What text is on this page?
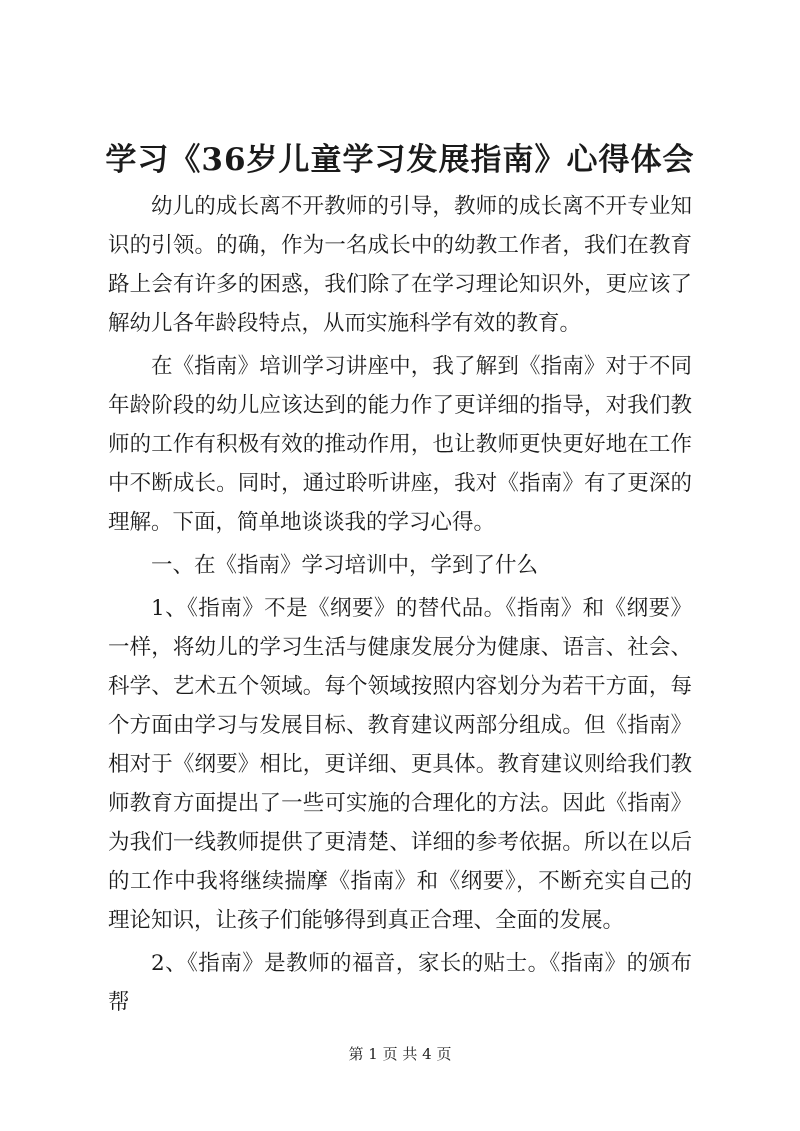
学习《36岁儿童学习发展指南》心得体会

幼儿的成长离不开教师的引导，教师的成长离不开专业知识的引领。的确，作为一名成长中的幼教工作者，我们在教育路上会有许多的困惑，我们除了在学习理论知识外，更应该了解幼儿各年龄段特点，从而实施科学有效的教育。

在《指南》培训学习讲座中，我了解到《指南》对于不同年龄阶段的幼儿应该达到的能力作了更详细的指导，对我们教师的工作有积极有效的推动作用，也让教师更快更好地在工作中不断成长。同时，通过聆听讲座，我对《指南》有了更深的理解。下面，简单地谈谈我的学习心得。

一、在《指南》学习培训中，学到了什么

1、《指南》不是《纲要》的替代品。《指南》和《纲要》一样，将幼儿的学习生活与健康发展分为健康、语言、社会、科学、艺术五个领域。每个领域按照内容划分为若干方面，每个方面由学习与发展目标、教育建议两部分组成。但《指南》相对于《纲要》相比，更详细、更具体。教育建议则给我们教师教育方面提出了一些可实施的合理化的方法。因此《指南》为我们一线教师提供了更清楚、详细的参考依据。所以在以后的工作中我将继续揣摩《指南》和《纲要》，不断充实自己的理论知识，让孩子们能够得到真正合理、全面的发展。

2、《指南》是教师的福音，家长的贴士。《指南》的颁布帮

第 1 页 共 4 页
